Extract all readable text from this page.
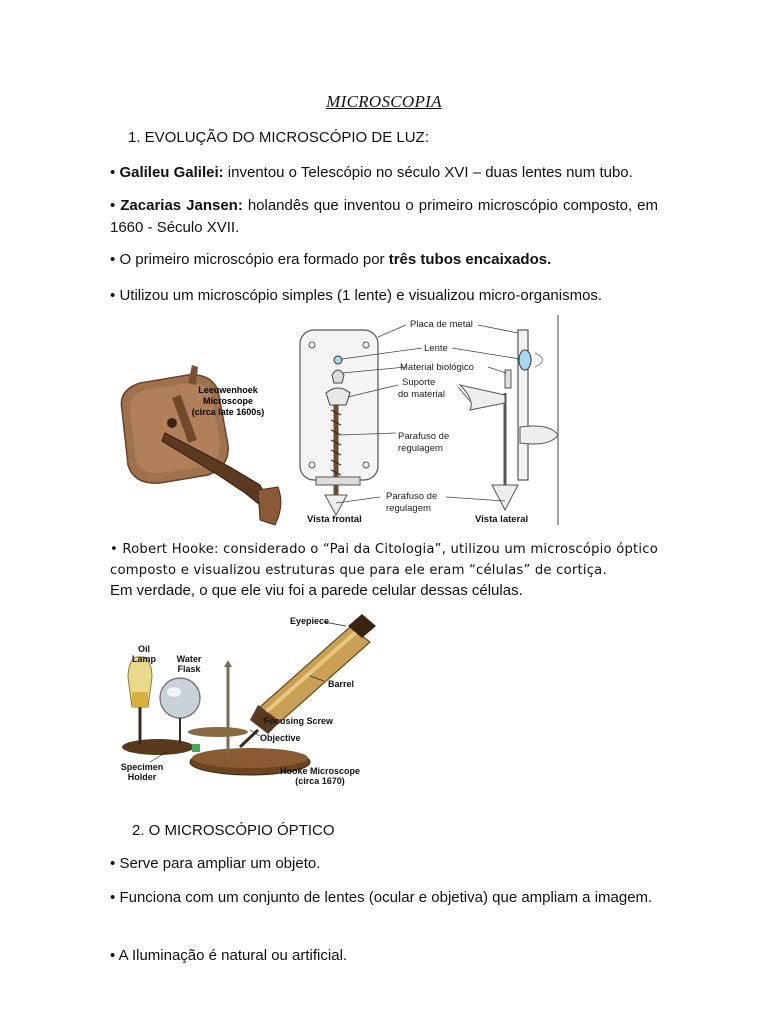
MICROSCOPIA
1. EVOLUÇÃO DO MICROSCÓPIO DE LUZ:
• Galileu Galilei: inventou o Telescópio no século XVI – duas lentes num tubo.
• Zacarias Jansen: holandês que inventou o primeiro microscópio composto, em 1660 - Século XVII.
• O primeiro microscópio era formado por três tubos encaixados.
• Utilizou um microscópio simples (1 lente) e visualizou micro-organismos.
Leeuwenhoek
Microscope
(circa late 1600s)
Vista frontal	Vista lateral
Placa de metal
Lente
Material biológico
Suporte
do material
Parafuso de
regulagem
Parafuso de
regulagem
• Robert Hooke: considerado o “Pai da Citologia”, utilizou um microscópio óptico composto e visualizou estruturas que para ele eram “células” de cortiça.
Em verdade, o que ele viu foi a parede celular dessas células.
Eyepiece
Oil
Lamp Water
Flask
Barrel
Focusing Screw
Objective
Specimen
Holder
Hooke Microscope
(circa 1670)
2. O MICROSCÓPIO ÓPTICO
• Serve para ampliar um objeto.
• Funciona com um conjunto de lentes (ocular e objetiva) que ampliam a imagem.
• A Iluminação é natural ou artificial.
